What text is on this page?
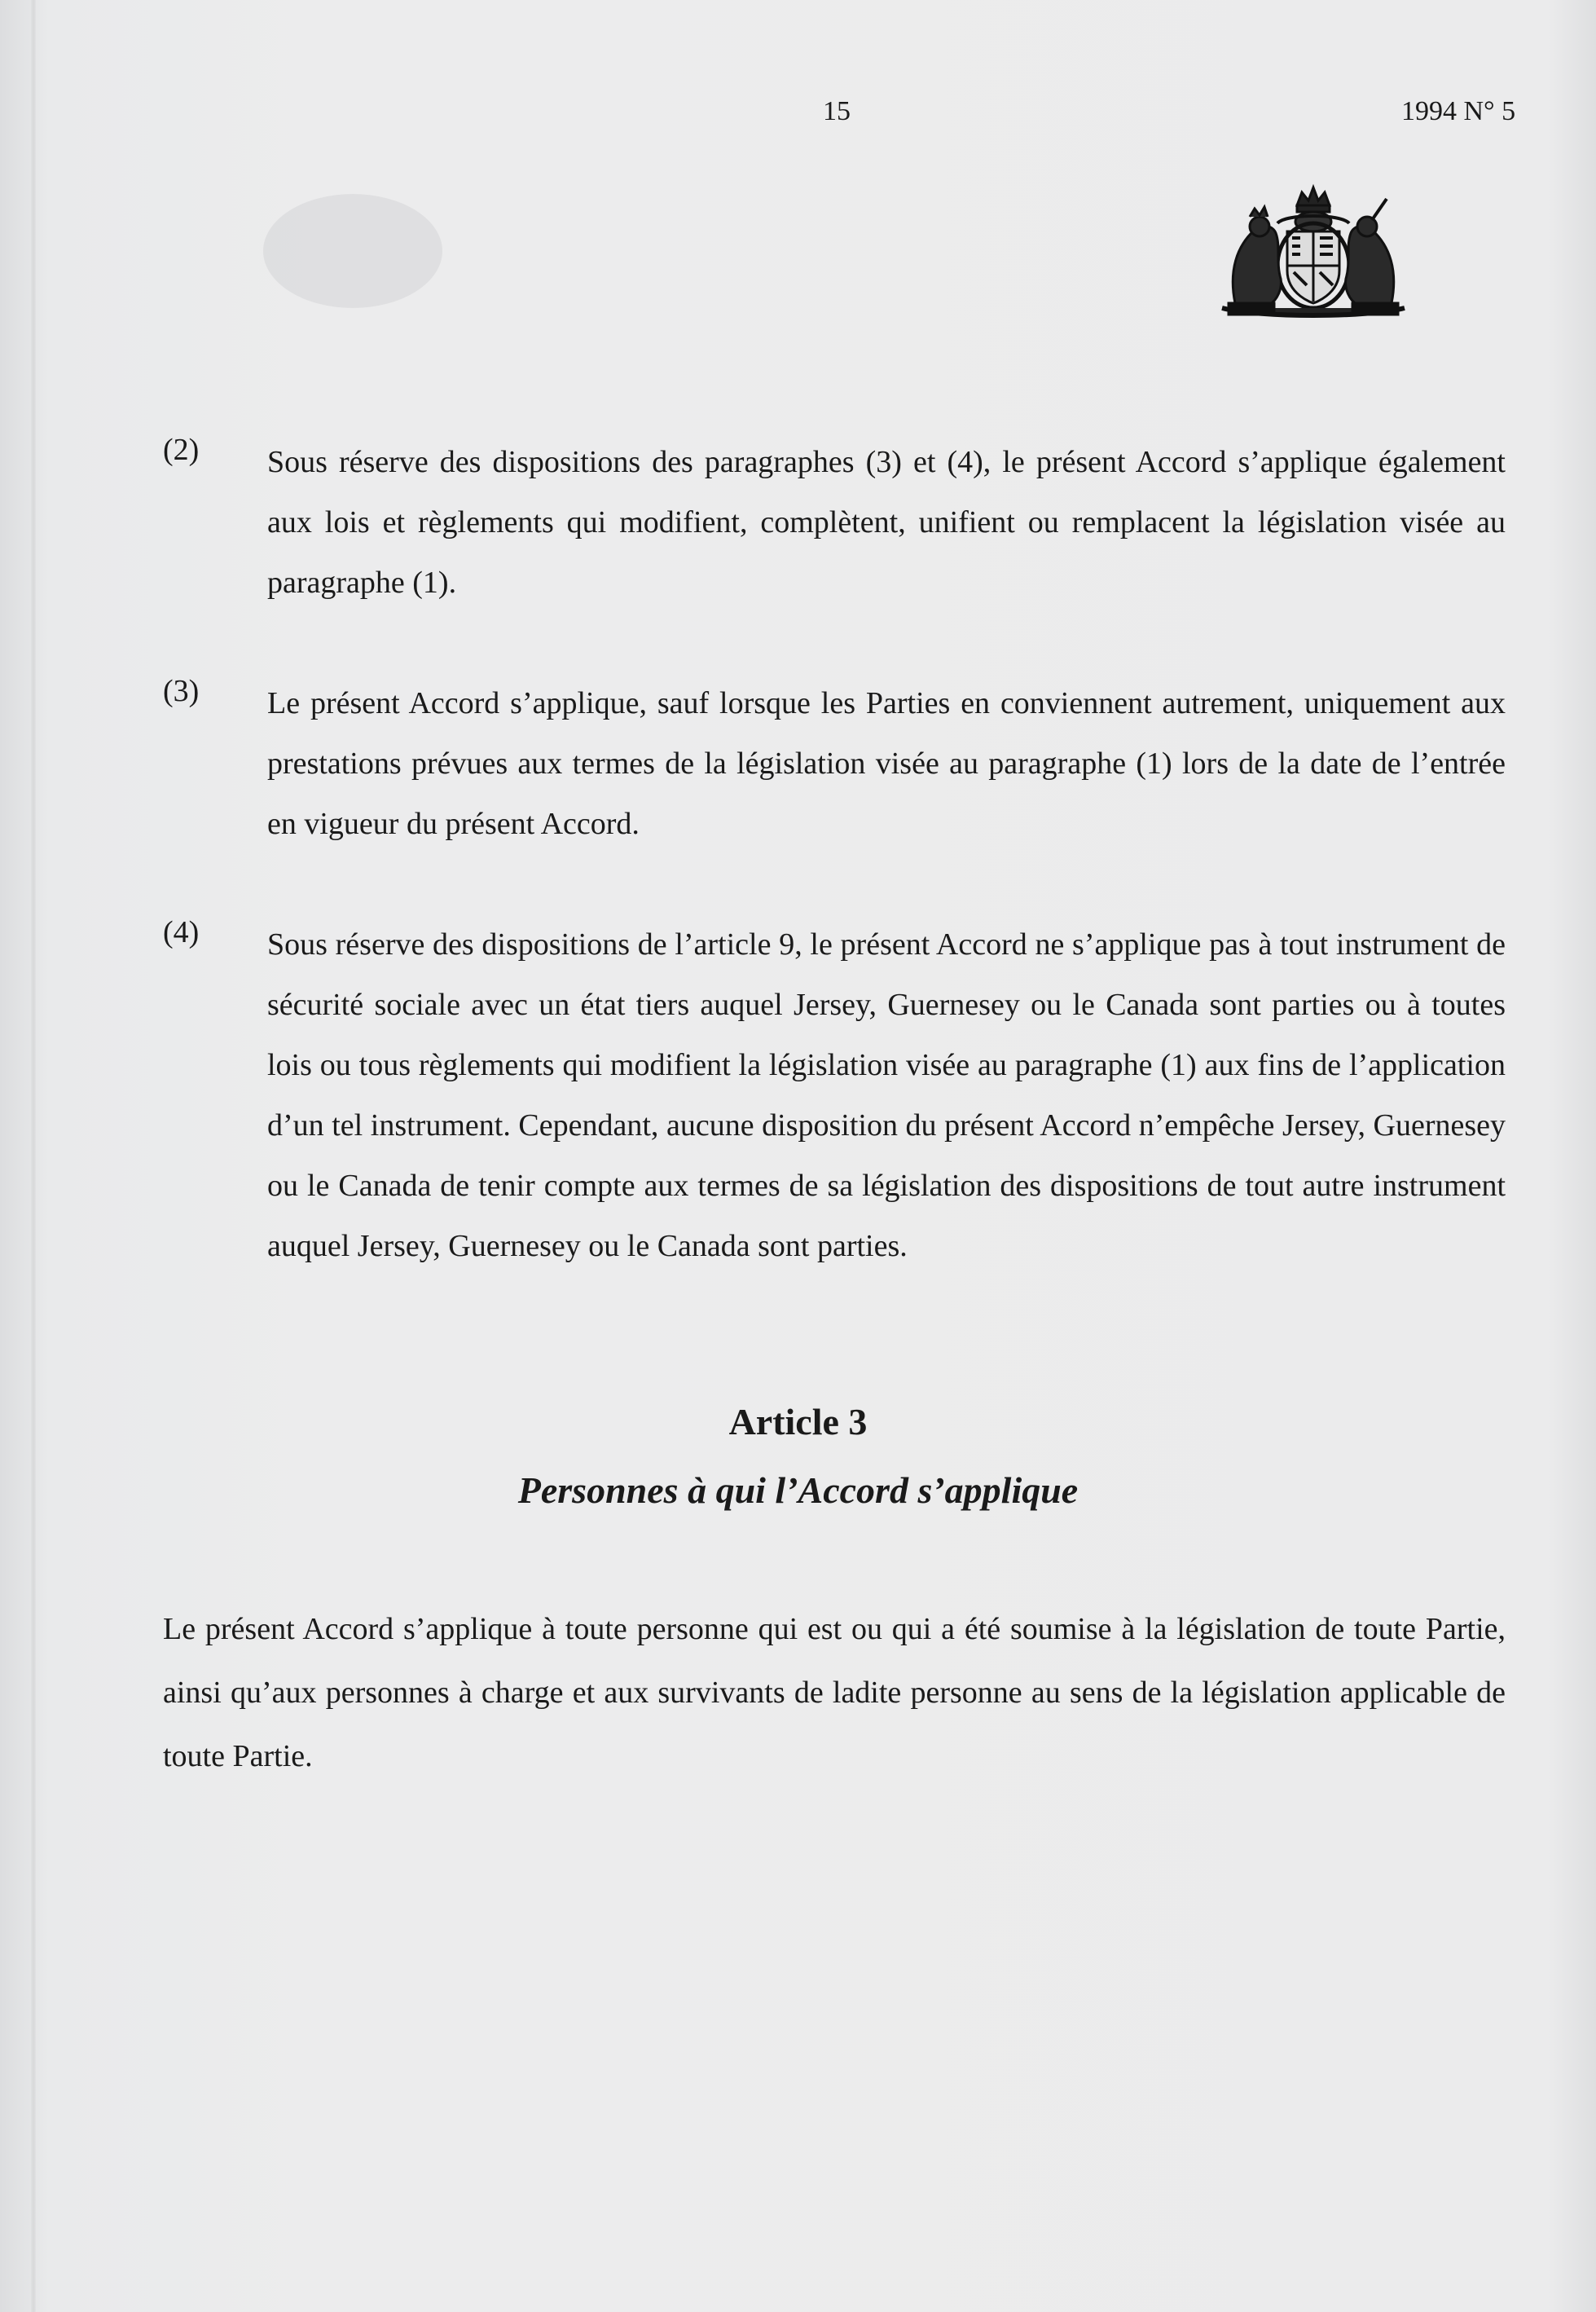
15	1994 N° 5
(2) Sous réserve des dispositions des paragraphes (3) et (4), le présent Accord s’applique également aux lois et règlements qui modifient, complètent, unifient ou remplacent la législation visée au paragraphe (1).
(3) Le présent Accord s’applique, sauf lorsque les Parties en conviennent autrement, uniquement aux prestations prévues aux termes de la législation visée au paragraphe (1) lors de la date de l’entrée en vigueur du présent Accord.
(4) Sous réserve des dispositions de l’article 9, le présent Accord ne s’applique pas à tout instrument de sécurité sociale avec un état tiers auquel Jersey, Guernesey ou le Canada sont parties ou à toutes lois ou tous règlements qui modifient la législation visée au paragraphe (1) aux fins de l’application d’un tel instrument. Cependant, aucune disposition du présent Accord n’empêche Jersey, Guernesey ou le Canada de tenir compte aux termes de sa législation des dispositions de tout autre instrument auquel Jersey, Guernesey ou le Canada sont parties.
Article 3
Personnes à qui l’Accord s’applique
Le présent Accord s’applique à toute personne qui est ou qui a été soumise à la législation de toute Partie, ainsi qu’aux personnes à charge et aux survivants de ladite personne au sens de la législation applicable de toute Partie.
